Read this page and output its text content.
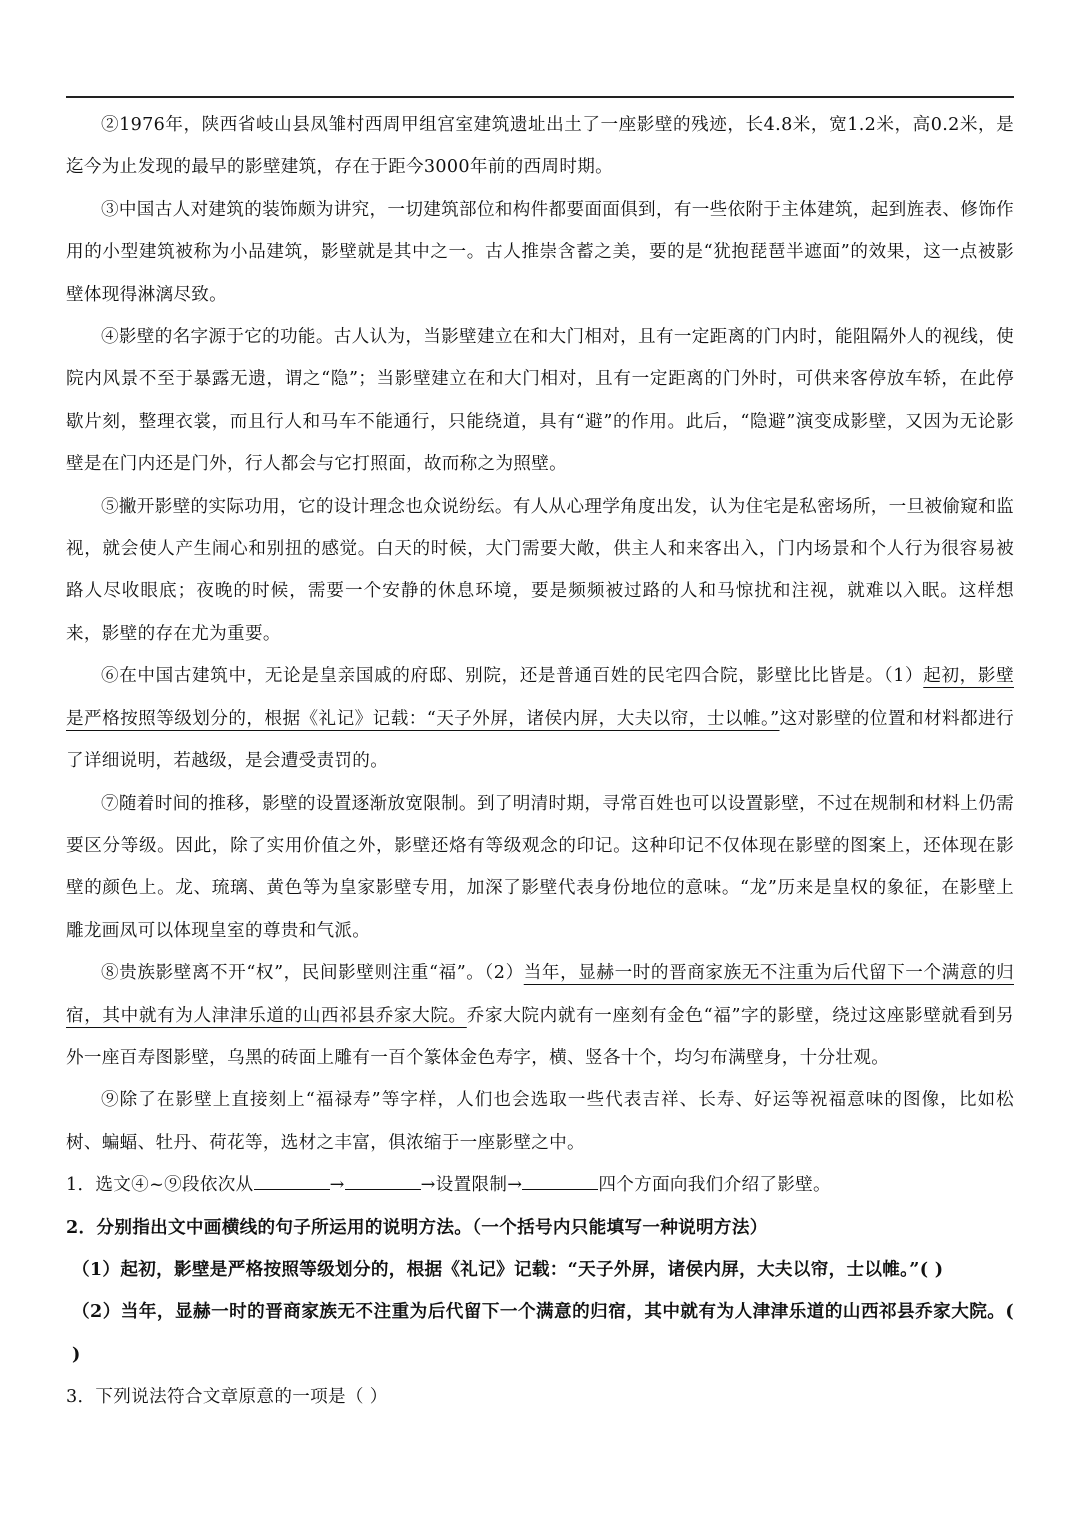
②1976年，陕西省岐山县凤雏村西周甲组宫室建筑遗址出土了一座影壁的残迹，长4.8米，宽1.2米，高0.2米，是迄今为止发现的最早的影壁建筑，存在于距今3000年前的西周时期。

③中国古人对建筑的装饰颇为讲究，一切建筑部位和构件都要面面俱到，有一些依附于主体建筑，起到旌表、修饰作用的小型建筑被称为小品建筑，影壁就是其中之一。古人推崇含蓄之美，要的是“犹抱琵琶半遮面”的效果，这一点被影壁体现得淋漓尽致。

④影壁的名字源于它的功能。古人认为，当影壁建立在和大门相对，且有一定距离的门内时，能阻隔外人的视线，使院内风景不至于暴露无遗，谓之“隐”；当影壁建立在和大门相对，且有一定距离的门外时，可供来客停放车轿，在此停歇片刻，整理衣裳，而且行人和马车不能通行，只能绕道，具有“避”的作用。此后，“隐避”演变成影壁，又因为无论影壁是在门内还是门外，行人都会与它打照面，故而称之为照壁。

⑤撇开影壁的实际功用，它的设计理念也众说纷纭。有人从心理学角度出发，认为住宅是私密场所，一旦被偷窥和监视，就会使人产生闹心和别扭的感觉。白天的时候，大门需要大敞，供主人和来客出入，门内场景和个人行为很容易被路人尽收眼底；夜晚的时候，需要一个安静的休息环境，要是频频被过路的人和马惊扰和注视，就难以入眠。这样想来，影壁的存在尤为重要。

⑥在中国古建筑中，无论是皇亲国戚的府邸、别院，还是普通百姓的民宅四合院，影壁比比皆是。（1）起初，影壁是严格按照等级划分的，根据《礼记》记载：“天子外屏，诸侯内屏，大夫以帘，士以帷。”这对影壁的位置和材料都进行了详细说明，若越级，是会遭受责罚的。

⑦随着时间的推移，影壁的设置逐渐放宽限制。到了明清时期，寻常百姓也可以设置影壁，不过在规制和材料上仍需要区分等级。因此，除了实用价值之外，影壁还烙有等级观念的印记。这种印记不仅体现在影壁的图案上，还体现在影壁的颜色上。龙、琉璃、黄色等为皇家影壁专用，加深了影壁代表身份地位的意味。“龙”历来是皇权的象征，在影壁上雕龙画凤可以体现皇室的尊贵和气派。

⑧贵族影壁离不开“权”，民间影壁则注重“福”。（2）当年，显赫一时的晋商家族无不注重为后代留下一个满意的归宿，其中就有为人津津乐道的山西祁县乔家大院。乔家大院内就有一座刻有金色“福”字的影壁，绕过这座影壁就看到另外一座百寿图影壁，乌黑的砖面上雕有一百个篆体金色寿字，横、竖各十个，均匀布满壁身，十分壮观。

⑨除了在影壁上直接刻上“福禄寿”等字样，人们也会选取一些代表吉祥、长寿、好运等祝福意味的图像，比如松树、蝙蝠、牡丹、荷花等，选材之丰富，俱浓缩于一座影壁之中。

1．选文④~⑨段依次从	→	→设置限制→	四个方面向我们介绍了影壁。

2．分别指出文中画横线的句子所运用的说明方法。（一个括号内只能填写一种说明方法）

（1）起初，影壁是严格按照等级划分的，根据《礼记》记载：“天子外屏，诸侯内屏，大夫以帘，士以帷。”( )

（2）当年，显赫一时的晋商家族无不注重为后代留下一个满意的归宿，其中就有为人津津乐道的山西祁县乔家大院。( )

3．下列说法符合文章原意的一项是（ ）
